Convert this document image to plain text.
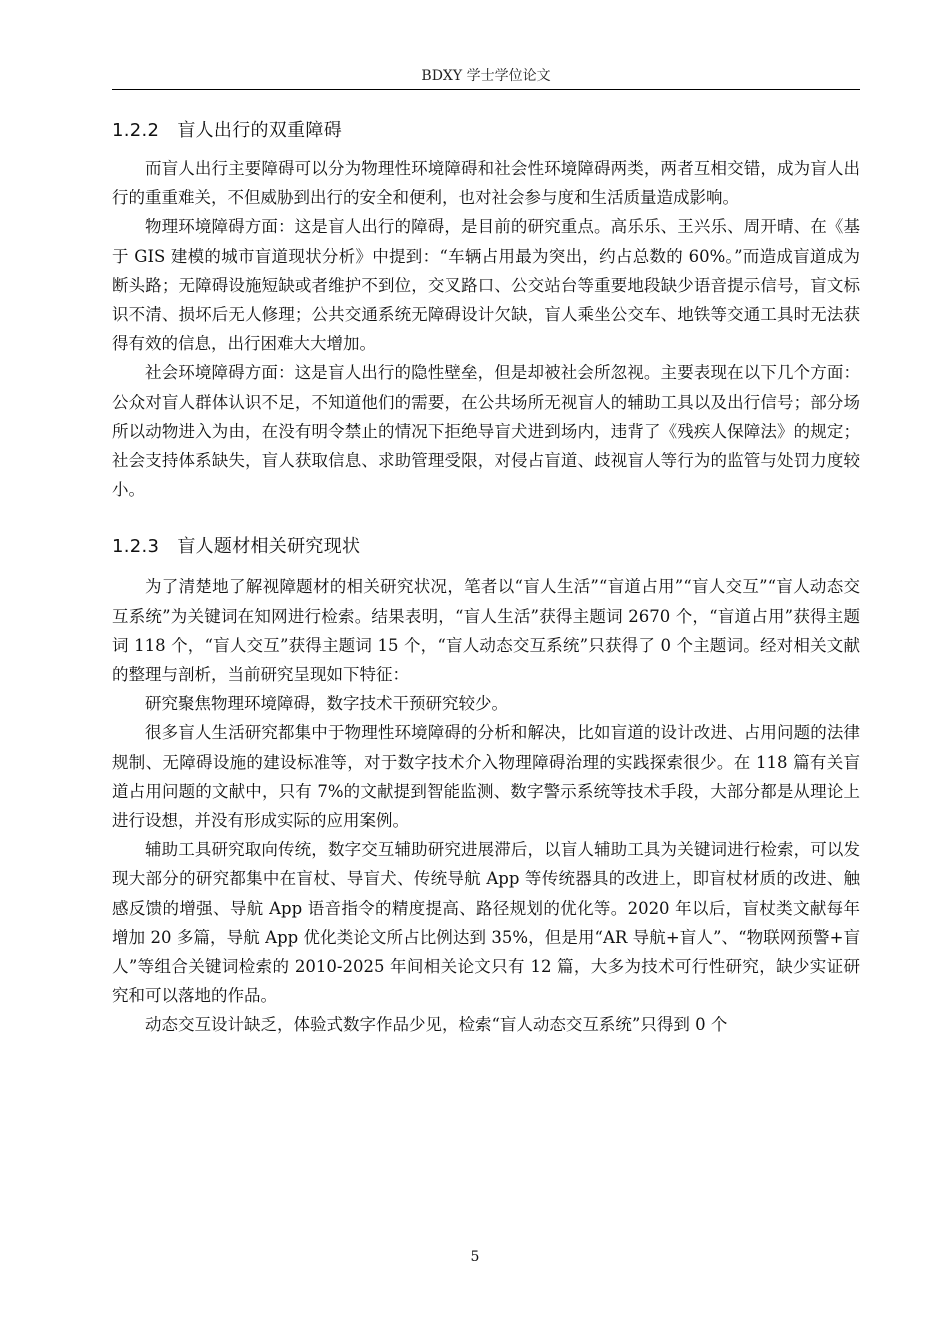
BDXY 学士学位论文
1.2.2 盲人出行的双重障碍

而盲人出行主要障碍可以分为物理性环境障碍和社会性环境障碍两类，两者互相交错，成为盲人出行的重重难关，不但威胁到出行的安全和便利，也对社会参与度和生活质量造成影响。

物理环境障碍方面：这是盲人出行的障碍，是目前的研究重点。高乐乐、王兴乐、周开晴、在《基于 GIS 建模的城市盲道现状分析》中提到：“车辆占用最为突出，约占总数的 60%。”而造成盲道成为断头路；无障碍设施短缺或者维护不到位，交叉路口、公交站台等重要地段缺少语音提示信号，盲文标识不清、损坏后无人修理；公共交通系统无障碍设计欠缺，盲人乘坐公交车、地铁等交通工具时无法获得有效的信息，出行困难大大增加。

社会环境障碍方面：这是盲人出行的隐性壁垒，但是却被社会所忽视。主要表现在以下几个方面：公众对盲人群体认识不足，不知道他们的需要，在公共场所无视盲人的辅助工具以及出行信号；部分场所以动物进入为由，在没有明令禁止的情况下拒绝导盲犬进到场内，违背了《残疾人保障法》的规定；社会支持体系缺失，盲人获取信息、求助管理受限，对侵占盲道、歧视盲人等行为的监管与处罚力度较小。

1.2.3 盲人题材相关研究现状

为了清楚地了解视障题材的相关研究状况，笔者以“盲人生活”“盲道占用”“盲人交互”“盲人动态交互系统”为关键词在知网进行检索。结果表明，“盲人生活”获得主题词 2670 个，“盲道占用”获得主题词 118 个，“盲人交互”获得主题词 15 个，“盲人动态交互系统”只获得了 0 个主题词。经对相关文献的整理与剖析，当前研究呈现如下特征：

研究聚焦物理环境障碍，数字技术干预研究较少。

很多盲人生活研究都集中于物理性环境障碍的分析和解决，比如盲道的设计改进、占用问题的法律规制、无障碍设施的建设标准等，对于数字技术介入物理障碍治理的实践探索很少。在 118 篇有关盲道占用问题的文献中，只有 7%的文献提到智能监测、数字警示系统等技术手段，大部分都是从理论上进行设想，并没有形成实际的应用案例。

辅助工具研究取向传统，数字交互辅助研究进展滞后，以盲人辅助工具为关键词进行检索，可以发现大部分的研究都集中在盲杖、导盲犬、传统导航 App 等传统器具的改进上，即盲杖材质的改进、触感反馈的增强、导航 App 语音指令的精度提高、路径规划的优化等。2020 年以后，盲杖类文献每年增加 20 多篇，导航 App 优化类论文所占比例达到 35%，但是用“AR 导航+盲人”、“物联网预警+盲人”等组合关键词检索的 2010-2025 年间相关论文只有 12 篇，大多为技术可行性研究，缺少实证研究和可以落地的作品。

动态交互设计缺乏，体验式数字作品少见，检索“盲人动态交互系统”只得到 0 个

5
